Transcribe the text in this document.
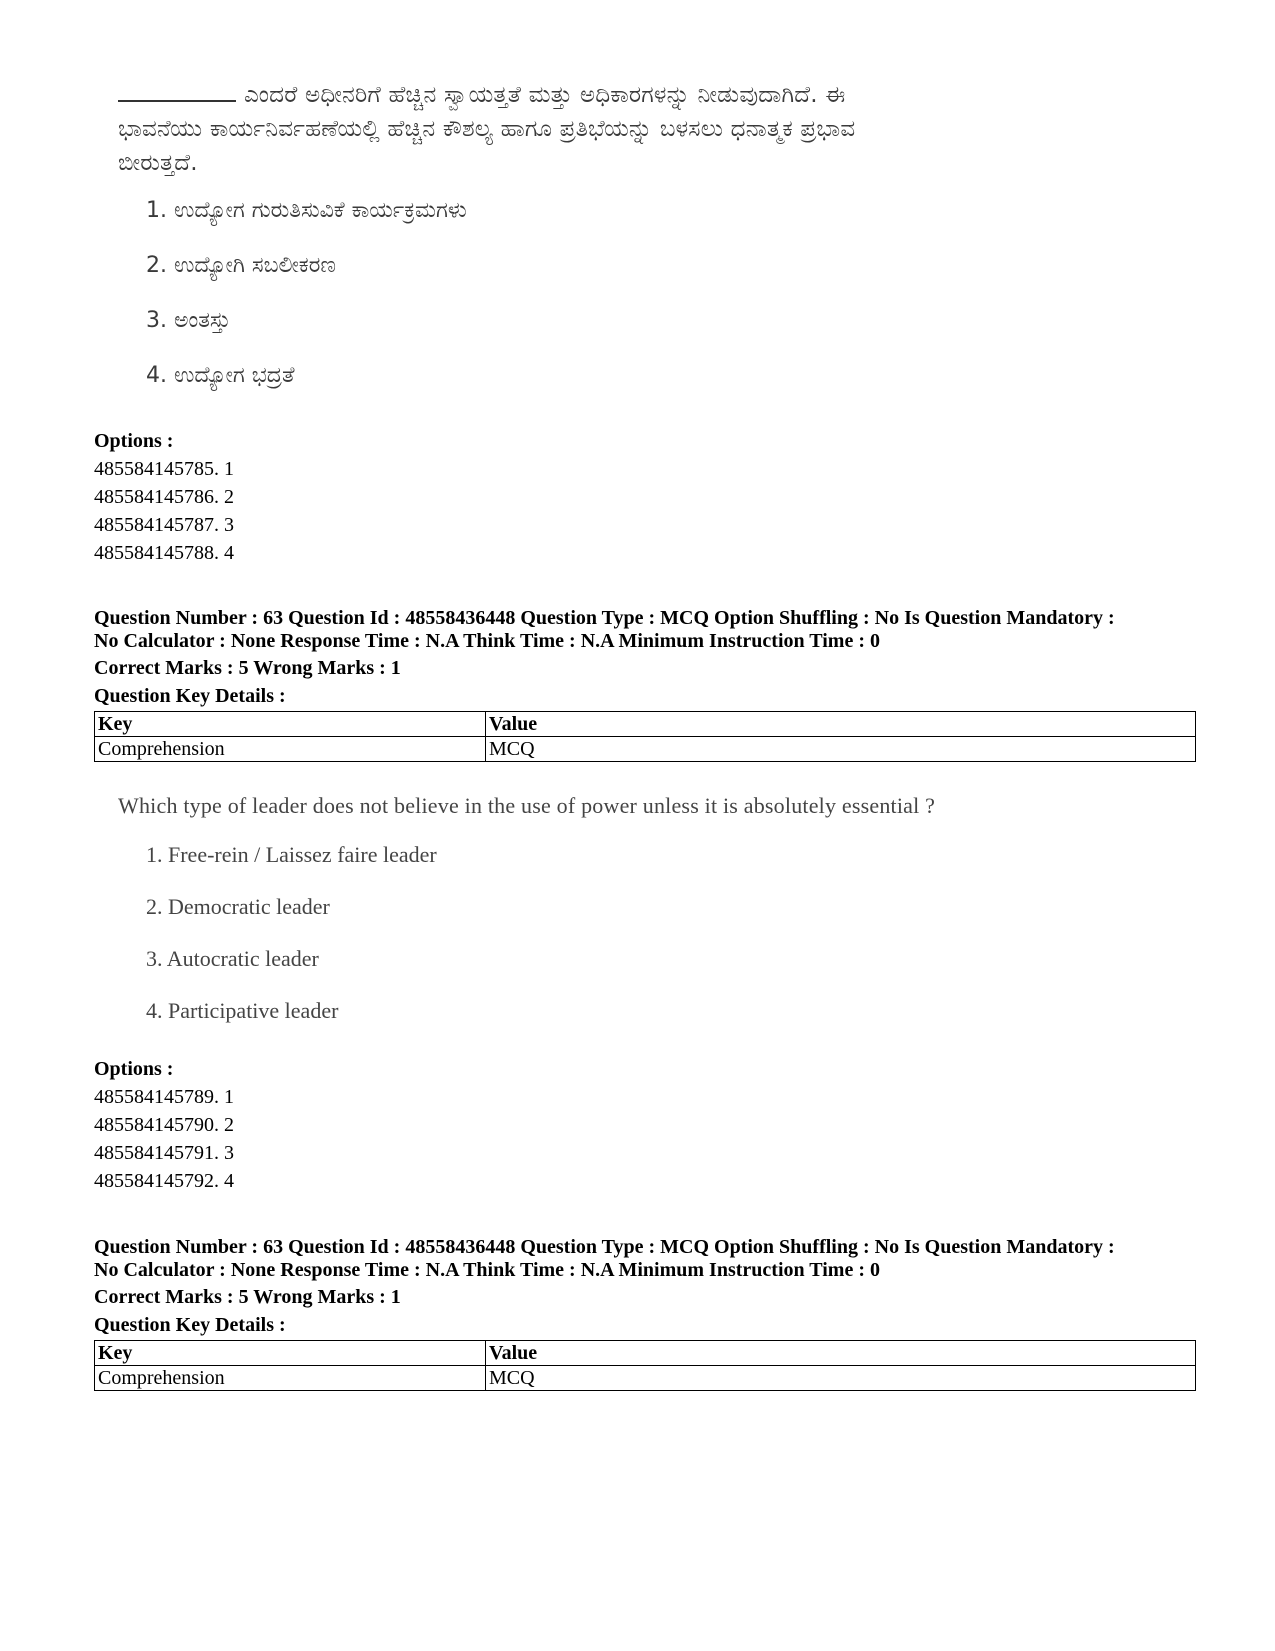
ಎಂದರೆ ಅಧೀನರಿಗೆ ಹೆಚ್ಚಿನ ಸ್ವಾಯತ್ತತೆ ಮತ್ತು ಅಧಿಕಾರಗಳನ್ನು ನೀಡುವುದಾಗಿದೆ. ಈ
ಭಾವನೆಯು ಕಾರ್ಯನಿರ್ವಹಣೆಯಲ್ಲಿ ಹೆಚ್ಚಿನ ಕೌಶಲ್ಯ ಹಾಗೂ ಪ್ರತಿಭೆಯನ್ನು ಬಳಸಲು ಧನಾತ್ಮಕ ಪ್ರಭಾವ
ಬೀರುತ್ತದೆ.
1. ಉದ್ಯೋಗ ಗುರುತಿಸುವಿಕೆ ಕಾರ್ಯಕ್ರಮಗಳು
2. ಉದ್ಯೋಗಿ ಸಬಲೀಕರಣ
3. ಅಂತಸ್ತು
4. ಉದ್ಯೋಗ ಭದ್ರತೆ
Options :
485584145785. 1
485584145786. 2
485584145787. 3
485584145788. 4
Question Number : 63 Question Id : 48558436448 Question Type : MCQ Option Shuffling : No Is Question Mandatory :
No Calculator : None Response Time : N.A Think Time : N.A Minimum Instruction Time : 0
Correct Marks : 5 Wrong Marks : 1
Question Key Details :
Key	Value
Comprehension	MCQ
Which type of leader does not believe in the use of power unless it is absolutely essential ?
1. Free-rein / Laissez faire leader
2. Democratic leader
3. Autocratic leader
4. Participative leader
Options :
485584145789. 1
485584145790. 2
485584145791. 3
485584145792. 4
Question Number : 63 Question Id : 48558436448 Question Type : MCQ Option Shuffling : No Is Question Mandatory :
No Calculator : None Response Time : N.A Think Time : N.A Minimum Instruction Time : 0
Correct Marks : 5 Wrong Marks : 1
Question Key Details :
Key	Value
Comprehension	MCQ
